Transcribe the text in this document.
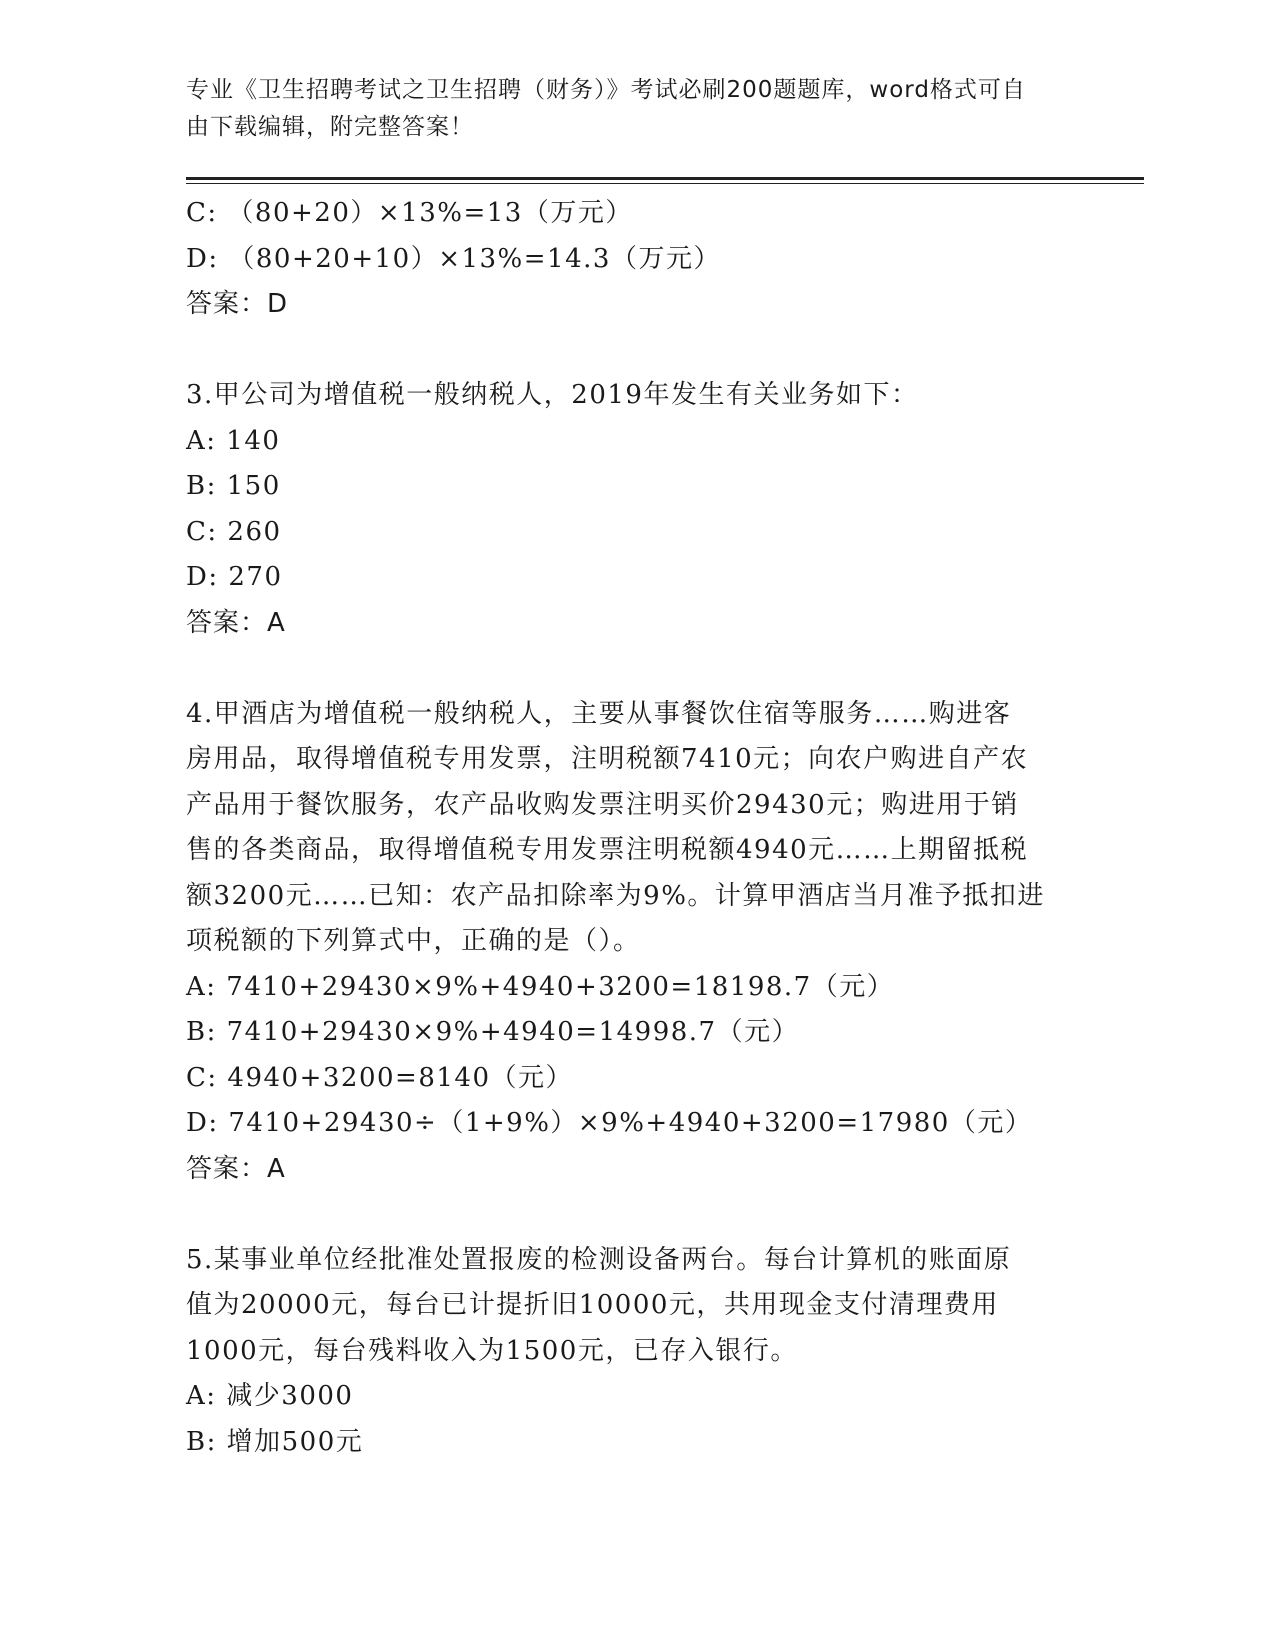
专业《卫生招聘考试之卫生招聘（财务）》考试必刷200题题库，word格式可自
由下载编辑，附完整答案！
C: （80+20）×13%=13（万元）
D: （80+20+10）×13%=14.3（万元）
答案：D
3.甲公司为增值税一般纳税人，2019年发生有关业务如下：
A: 140
B: 150
C: 260
D: 270
答案：A
4.甲酒店为增值税一般纳税人，主要从事餐饮住宿等服务……购进客
房用品，取得增值税专用发票，注明税额7410元；向农户购进自产农
产品用于餐饮服务，农产品收购发票注明买价29430元；购进用于销
售的各类商品，取得增值税专用发票注明税额4940元……上期留抵税
额3200元……已知：农产品扣除率为9%。计算甲酒店当月准予抵扣进
项税额的下列算式中，正确的是（）。
A: 7410+29430×9%+4940+3200=18198.7（元）
B: 7410+29430×9%+4940=14998.7（元）
C: 4940+3200=8140（元）
D: 7410+29430÷（1+9%）×9%+4940+3200=17980（元）
答案：A
5.某事业单位经批准处置报废的检测设备两台。每台计算机的账面原
值为20000元，每台已计提折旧10000元，共用现金支付清理费用
1000元，每台残料收入为1500元，已存入银行。
A: 减少3000
B: 增加500元
